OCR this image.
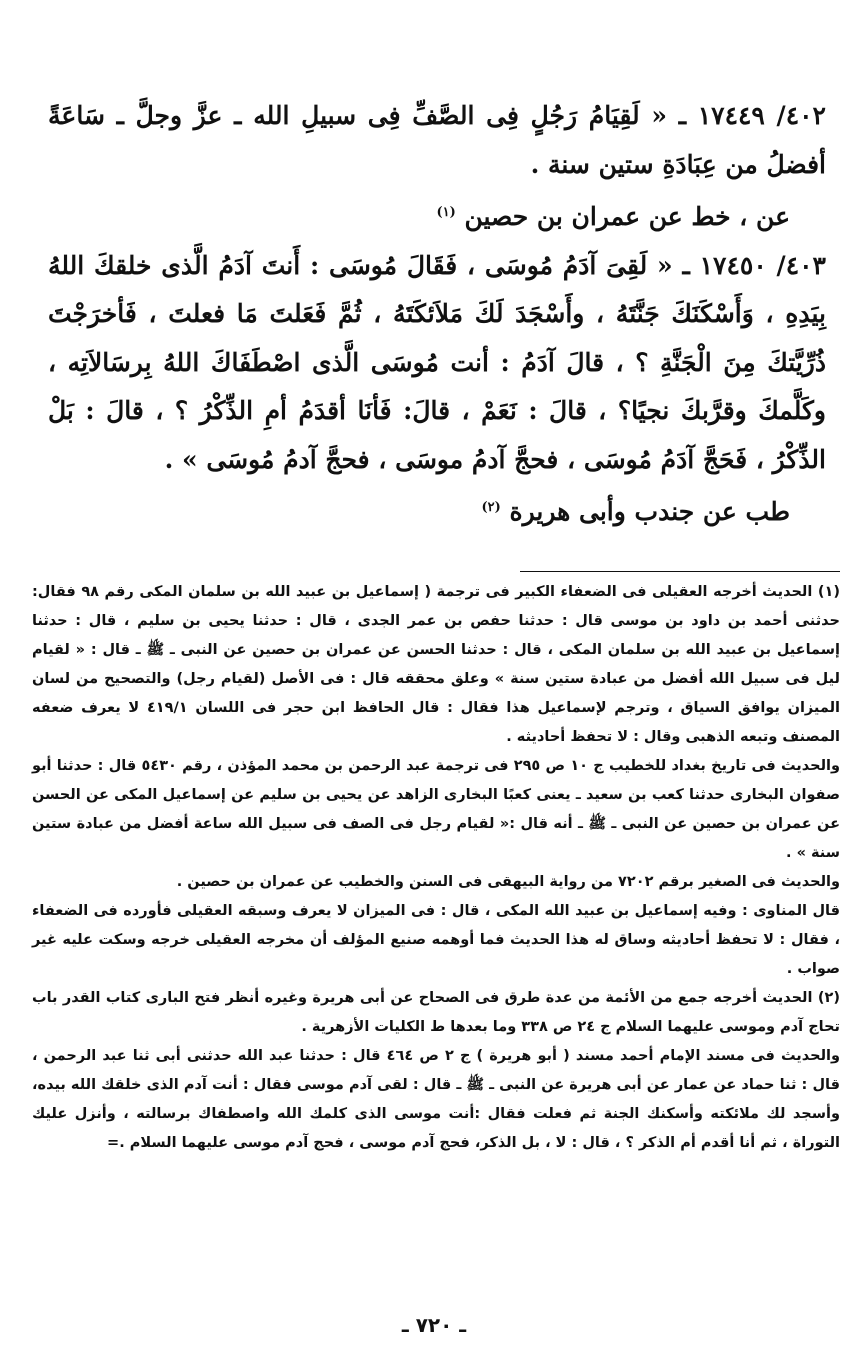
٤٠٢/ ١٧٤٤٩ ـ « لَقِيَامُ رَجُلٍ فِى الصَّفِّ فِى سبيلِ الله ـ عزَّ وجلَّ ـ سَاعَةً أفضلُ من عِبَادَةِ ستين سنة .

عن ، خط عن عمران بن حصين $^{(١)}$

٤٠٣/ ١٧٤٥٠ ـ « لَقِىَ آدَمُ مُوسَى ، فَقَالَ مُوسَى : أَنتَ آدَمُ الَّذى خلقكَ اللهُ بِيَدِهِ ، وَأَسْكَنَكَ جَنَّتَهُ ، وأَسْجَدَ لَكَ مَلاَئكَتَهُ ، ثُمَّ فَعَلتَ مَا فعلتَ ، فَأخرَجْتَ ذُرِّيَّتكَ مِنَ الْجَنَّةِ ؟ ، قالَ آدَمُ : أنت مُوسَى الَّذى اصْطَفَاكَ اللهُ بِرسَالاَتِه ، وكَلَّمكَ وقرَّبكَ نجيًا؟ ، قالَ : نَعَمْ ، قالَ: فَأنَا أقدَمُ أمِ الذِّكْرُ ؟ ، قالَ : بَلْ الذِّكْرُ ، فَحَجَّ آدَمُ مُوسَى ، فحجَّ آدمُ موسَى ، فحجَّ آدمُ مُوسَى » .

طب عن جندب وأبى هريرة $^{(٢)}$

(١) الحديث أخرجه العقيلى فى الضعفاء الكبير فى ترجمة ( إسماعيل بن عبيد الله بن سلمان المكى رقم ٩٨ فقال: حدثنى أحمد بن داود بن موسى قال : حدثنا حفص بن عمر الجدى ، قال : حدثنا يحيى بن سليم ، قال : حدثنا إسماعيل بن عبيد الله بن سلمان المكى ، قال : حدثنا الحسن عن عمران بن حصين عن النبى ـ ﷺ ـ قال : « لقيام ليل فى سبيل الله أفضل من عبادة ستين سنة » وعلق محققه قال : فى الأصل (لقيام رجل) والتصحيح من لسان الميزان يوافق السياق ، وترجم لإسماعيل هذا فقال : قال الحافظ ابن حجر فى اللسان ٤١٩/١ لا يعرف ضعفه المصنف وتبعه الذهبى وقال : لا تحفظ أحاديثه .

والحديث فى تاريخ بغداد للخطيب ج ١٠ ص ٢٩٥ فى ترجمة عبد الرحمن بن محمد المؤذن ، رقم ٥٤٣٠ قال : حدثنا أبو صفوان البخارى حدثنا كعب بن سعيد ـ يعنى كعبًا البخارى الزاهد عن يحيى بن سليم عن إسماعيل المكى عن الحسن عن عمران بن حصين عن النبى ـ ﷺ ـ أنه قال :« لقيام رجل فى الصف فى سبيل الله ساعة أفضل من عبادة ستين سنة » .

والحديث فى الصغير برقم ٧٢٠٢ من رواية البيهقى فى السنن والخطيب عن عمران بن حصين .

قال المناوى : وفيه إسماعيل بن عبيد الله المكى ، قال : فى الميزان لا يعرف وسبقه العقيلى فأورده فى الضعفاء ، فقال : لا تحفظ أحاديثه وساق له هذا الحديث فما أوهمه صنيع المؤلف أن مخرجه العقيلى خرجه وسكت عليه غير صواب .

(٢) الحديث أخرجه جمع من الأئمة من عدة طرق فى الصحاح عن أبى هريرة وغيره أنظر فتح البارى كتاب القدر باب تحاج آدم وموسى عليهما السلام ج ٢٤ ص ٣٣٨ وما بعدها ط الكليات الأزهرية .

والحديث فى مسند الإمام أحمد مسند ( أبو هريرة ) ج ٢ ص ٤٦٤ قال : حدثنا عبد الله حدثنى أبى ثنا عبد الرحمن ، قال : ثنا حماد عن عمار عن أبى هريرة عن النبى ـ ﷺ ـ قال : لقى آدم موسى فقال : أنت آدم الذى خلقك الله بيده، وأسجد لك ملائكته وأسكنك الجنة ثم فعلت فقال :أنت موسى الذى كلمك الله واصطفاك برسالته ، وأنزل عليك التوراة ، ثم أنا أقدم أم الذكر ؟ ، قال : لا ، بل الذكر، فحج آدم موسى ، فحج آدم موسى عليهما السلام .=

ـ ٧٢٠ ـ
